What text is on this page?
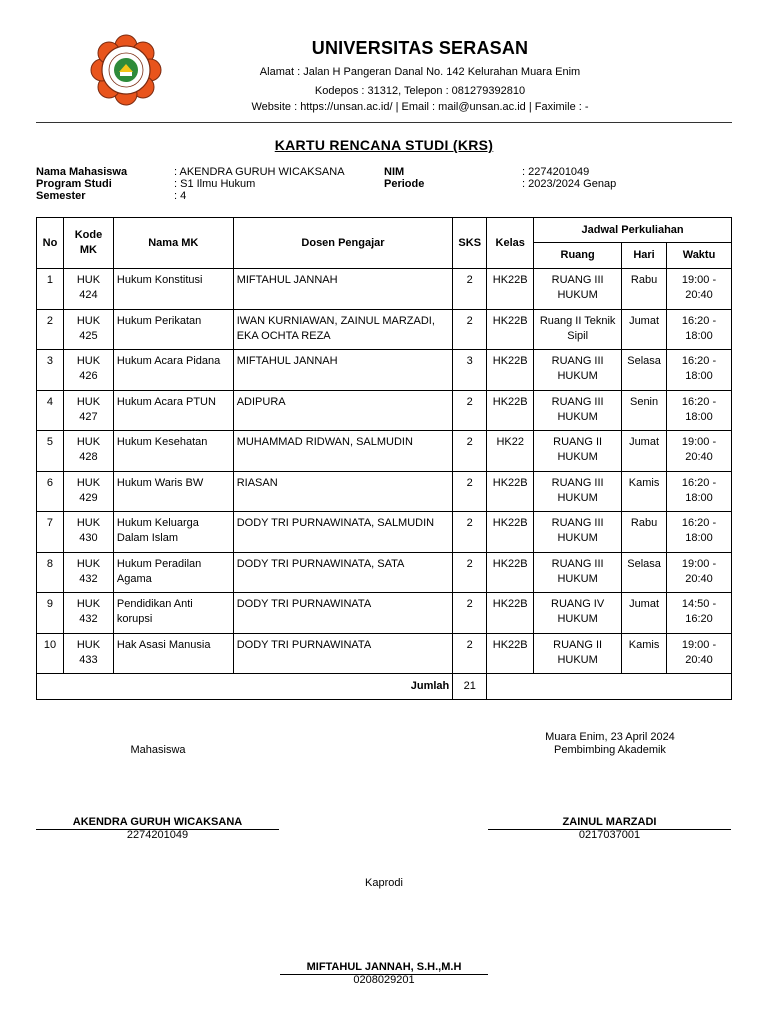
UNIVERSITAS SERASAN
Alamat : Jalan H Pangeran Danal No. 142 Kelurahan Muara Enim
Kodepos : 31312, Telepon : 081279392810
Website : https://unsan.ac.id/ | Email : mail@unsan.ac.id | Faximile : -
KARTU RENCANA STUDI (KRS)
Nama Mahasiswa	: AKENDRA GURUH WICAKSANA
Program Studi	: S1 Ilmu Hukum
Semester	: 4
NIM	: 2274201049
Periode	: 2023/2024 Genap
No	Kode MK	Nama MK	Dosen Pengajar	SKS	Kelas	Jadwal Perkuliahan		
						Ruang	Hari	Waktu
1	HUK 424	Hukum Konstitusi	MIFTAHUL JANNAH	2	HK22B	RUANG III HUKUM	Rabu	19:00 - 20:40
2	HUK 425	Hukum Perikatan	IWAN KURNIAWAN, ZAINUL MARZADI, EKA OCHTA REZA	2	HK22B	Ruang II Teknik Sipil	Jumat	16:20 - 18:00
3	HUK 426	Hukum Acara Pidana	MIFTAHUL JANNAH	3	HK22B	RUANG III HUKUM	Selasa	16:20 - 18:00
4	HUK 427	Hukum Acara PTUN	ADIPURA	2	HK22B	RUANG III HUKUM	Senin	16:20 - 18:00
5	HUK 428	Hukum Kesehatan	MUHAMMAD RIDWAN, SALMUDIN	2	HK22	RUANG II HUKUM	Jumat	19:00 - 20:40
6	HUK 429	Hukum Waris BW	RIASAN	2	HK22B	RUANG III HUKUM	Kamis	16:20 - 18:00
7	HUK 430	Hukum Keluarga Dalam Islam	DODY TRI PURNAWINATA, SALMUDIN	2	HK22B	RUANG III HUKUM	Rabu	16:20 - 18:00
8	HUK 432	Hukum Peradilan Agama	DODY TRI PURNAWINATA, SATA	2	HK22B	RUANG III HUKUM	Selasa	19:00 - 20:40
9	HUK 432	Pendidikan Anti korupsi	DODY TRI PURNAWINATA	2	HK22B	RUANG IV HUKUM	Jumat	14:50 - 16:20
10	HUK 433	Hak Asasi Manusia	DODY TRI PURNAWINATA	2	HK22B	RUANG II HUKUM	Kamis	19:00 - 20:40
Jumlah				21				
Muara Enim, 23 April 2024
Pembimbing Akademik
Mahasiswa
AKENDRA GURUH WICAKSANA
2274201049
ZAINUL MARZADI
0217037001
Kaprodi
MIFTAHUL JANNAH, S.H.,M.H
0208029201
